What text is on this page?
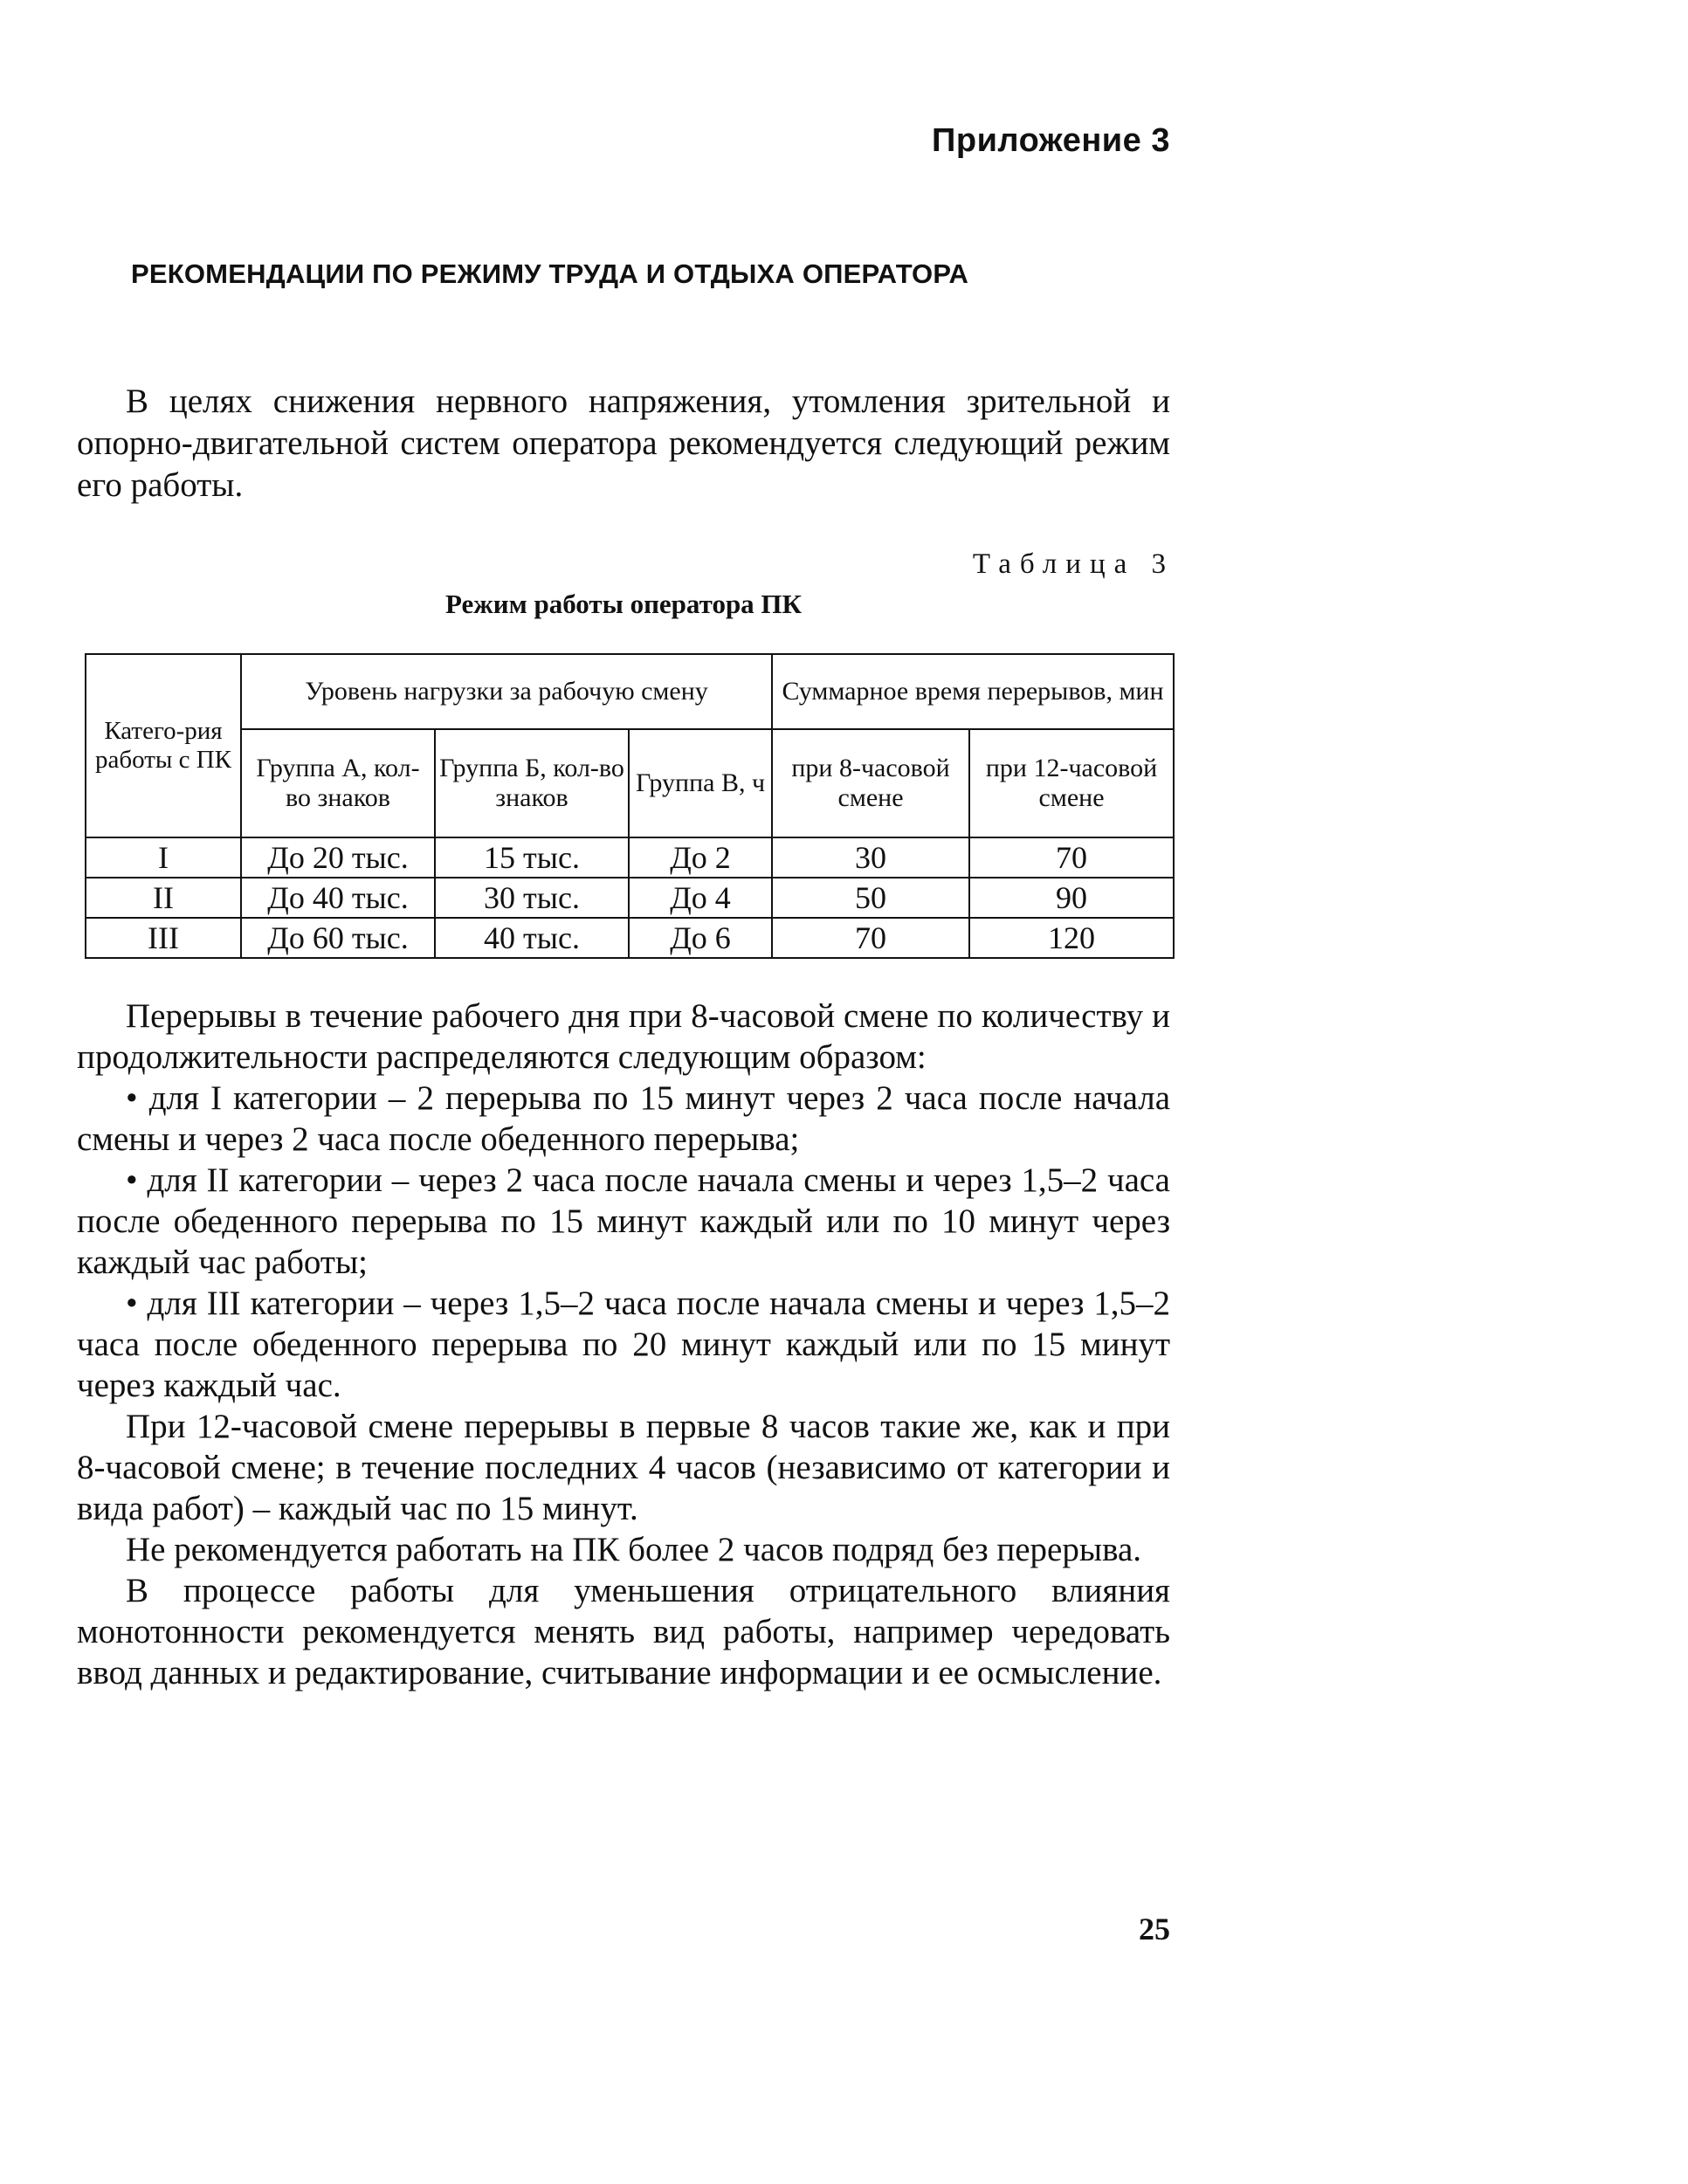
Приложение 3
РЕКОМЕНДАЦИИ ПО РЕЖИМУ ТРУДА И ОТДЫХА ОПЕРАТОРА

В целях снижения нервного напряжения, утомления зрительной и опорно-двигательной систем оператора рекомендуется следующий режим его работы.

Таблица 3
Режим работы оператора ПК
Катего-рия работы с ПК	Уровень нагрузки за рабочую смену			Суммарное время перерывов, мин	
	Группа А, кол-во знаков	Группа Б, кол-во знаков	Группа В, ч	при 8-часовой смене	при 12-часовой смене
I	До 20 тыс.	15 тыс.	До 2	30	70
II	До 40 тыс.	30 тыс.	До 4	50	90
III	До 60 тыс.	40 тыс.	До 6	70	120

Перерывы в течение рабочего дня при 8-часовой смене по количеству и продолжительности распределяются следующим образом:

• для I категории – 2 перерыва по 15 минут через 2 часа после начала смены и через 2 часа после обеденного перерыва;

• для II категории – через 2 часа после начала смены и через 1,5–2 часа после обеденного перерыва по 15 минут каждый или по 10 минут через каждый час работы;

• для III категории – через 1,5–2 часа после начала смены и через 1,5–2 часа после обеденного перерыва по 20 минут каждый или по 15 минут через каждый час.

При 12-часовой смене перерывы в первые 8 часов такие же, как и при 8-часовой смене; в течение последних 4 часов (независимо от категории и вида работ) – каждый час по 15 минут.

Не рекомендуется работать на ПК более 2 часов подряд без перерыва.

В процессе работы для уменьшения отрицательного влияния монотонности рекомендуется менять вид работы, например чередовать ввод данных и редактирование, считывание информации и ее осмысление.

25
